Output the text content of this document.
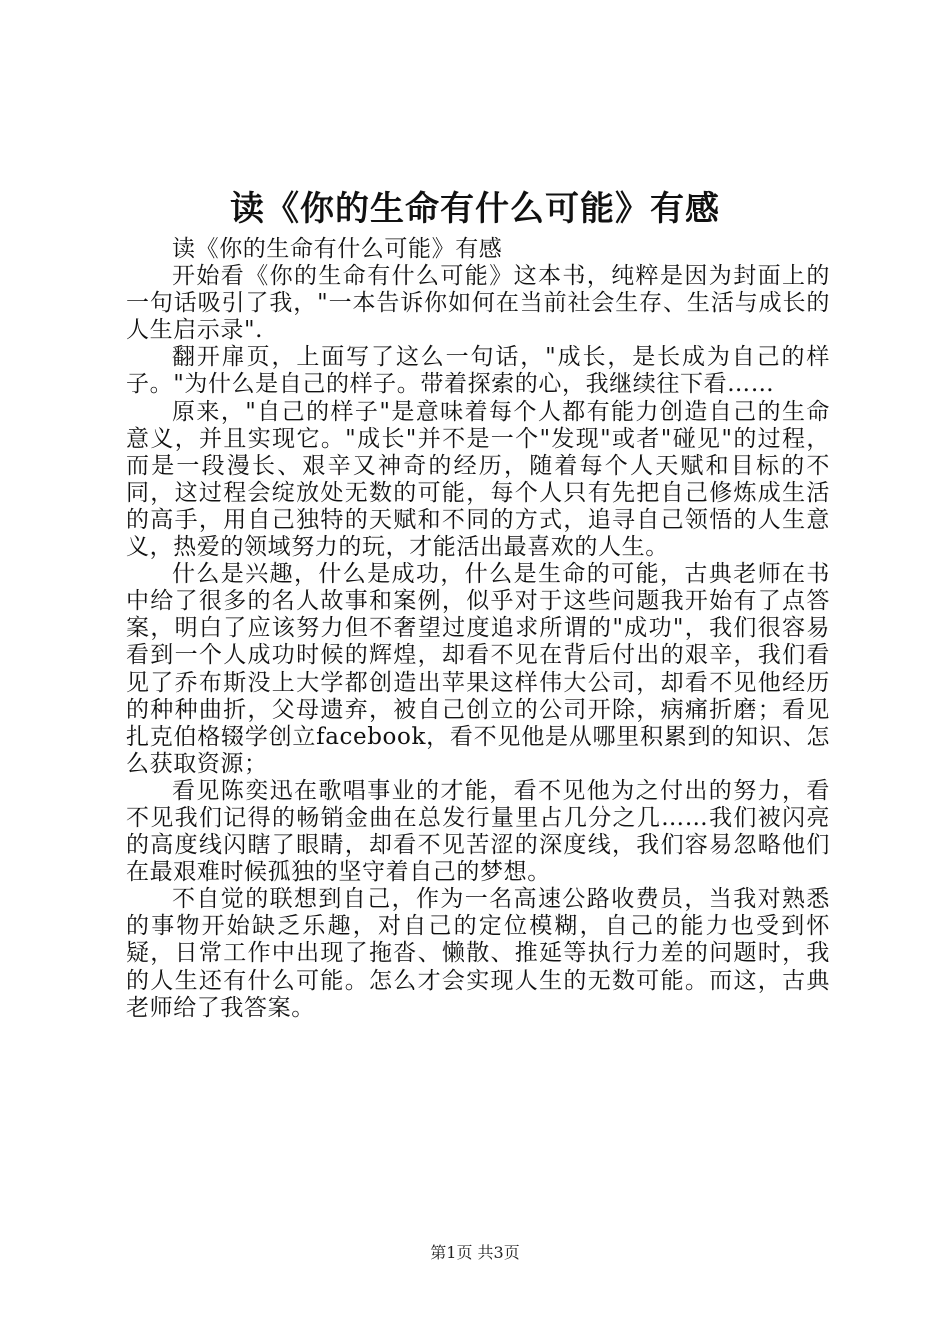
读《你的生命有什么可能》有感

读《你的生命有什么可能》有感

开始看《你的生命有什么可能》这本书，纯粹是因为封面上的一句话吸引了我，"一本告诉你如何在当前社会生存、生活与成长的人生启示录".

翻开扉页，上面写了这么一句话，"成长，是长成为自己的样子。"为什么是自己的样子。带着探索的心，我继续往下看……

原来，"自己的样子"是意味着每个人都有能力创造自己的生命意义，并且实现它。"成长"并不是一个"发现"或者"碰见"的过程，而是一段漫长、艰辛又神奇的经历，随着每个人天赋和目标的不同，这过程会绽放处无数的可能，每个人只有先把自己修炼成生活的高手，用自己独特的天赋和不同的方式，追寻自己领悟的人生意义，热爱的领域努力的玩，才能活出最喜欢的人生。

什么是兴趣，什么是成功，什么是生命的可能，古典老师在书中给了很多的名人故事和案例，似乎对于这些问题我开始有了点答案，明白了应该努力但不奢望过度追求所谓的"成功"，我们很容易看到一个人成功时候的辉煌，却看不见在背后付出的艰辛，我们看见了乔布斯没上大学都创造出苹果这样伟大公司，却看不见他经历的种种曲折，父母遗弃，被自己创立的公司开除，病痛折磨；看见扎克伯格辍学创立facebook，看不见他是从哪里积累到的知识、怎么获取资源；

看见陈奕迅在歌唱事业的才能，看不见他为之付出的努力，看不见我们记得的畅销金曲在总发行量里占几分之几……我们被闪亮的高度线闪瞎了眼睛，却看不见苦涩的深度线，我们容易忽略他们在最艰难时候孤独的坚守着自己的梦想。

不自觉的联想到自己，作为一名高速公路收费员，当我对熟悉的事物开始缺乏乐趣，对自己的定位模糊，自己的能力也受到怀疑，日常工作中出现了拖沓、懒散、推延等执行力差的问题时，我的人生还有什么可能。怎么才会实现人生的无数可能。而这，古典老师给了我答案。

第1页 共3页
